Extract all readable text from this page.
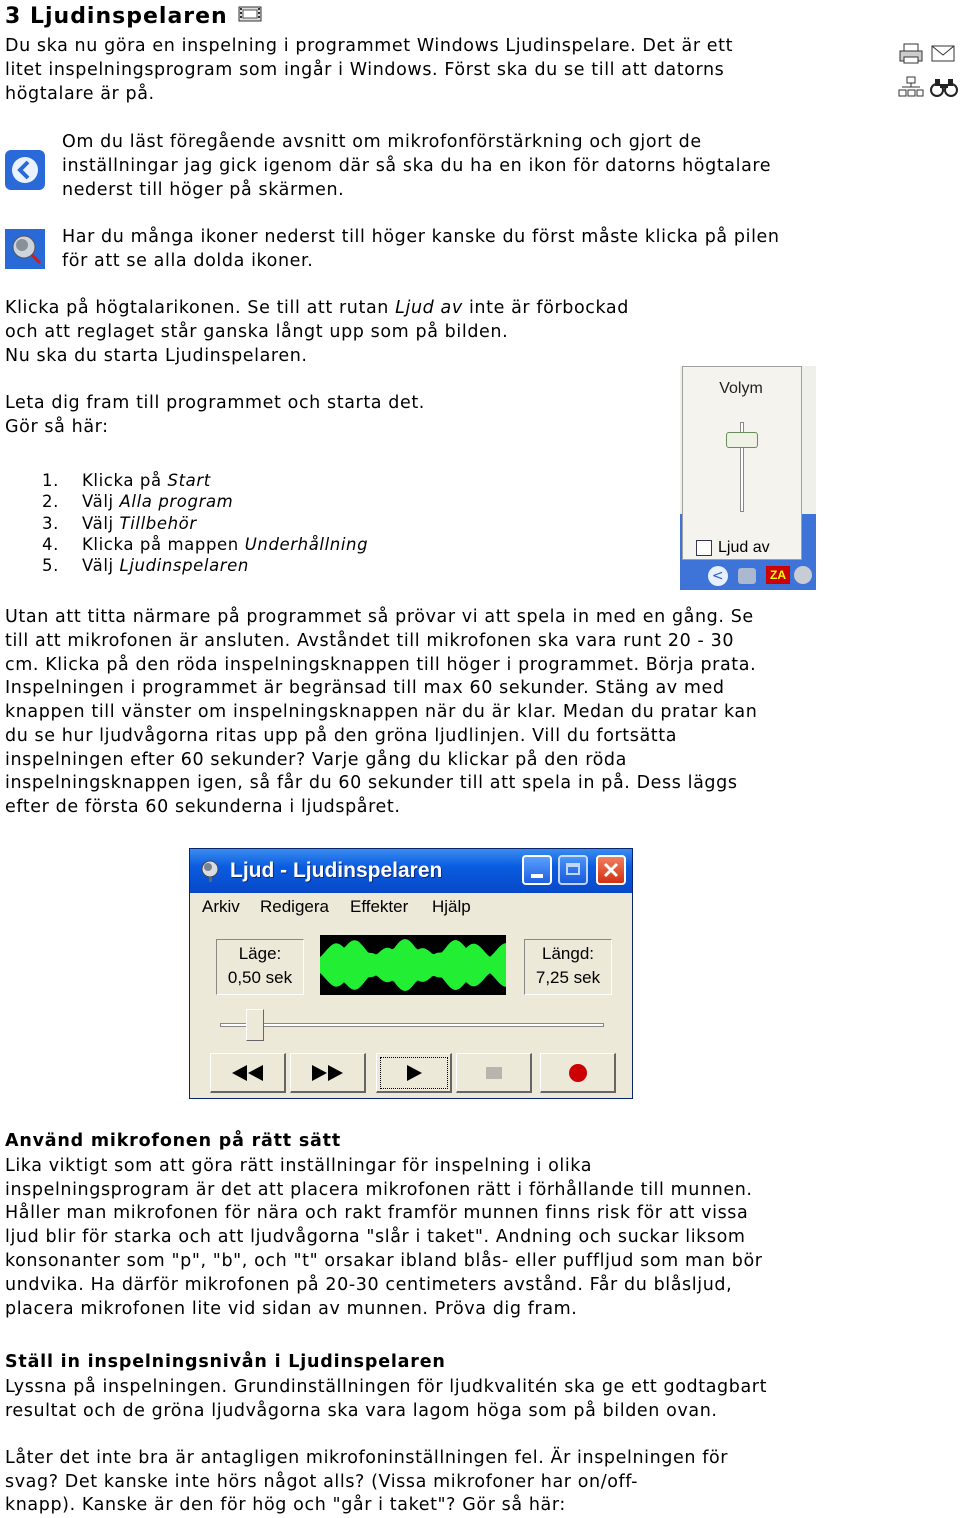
3 Ljudinspelaren
Du ska nu göra en inspelning i programmet Windows Ljudinspelare. Det är ett
litet inspelningsprogram som ingår i Windows. Först ska du se till att datorns
högtalare är på.
Om du läst föregående avsnitt om mikrofonförstärkning och gjort de
inställningar jag gick igenom där så ska du ha en ikon för datorns högtalare
nederst till höger på skärmen.
Har du många ikoner nederst till höger kanske du först måste klicka på pilen
för att se alla dolda ikoner.
Klicka på högtalarikonen. Se till att rutan Ljud av inte är förbockad
och att reglaget står ganska långt upp som på bilden.
Nu ska du starta Ljudinspelaren.
Leta dig fram till programmet och starta det.
Gör så här:
1. Klicka på Start
2. Välj Alla program
3. Välj Tillbehör
4. Klicka på mappen Underhållning
5. Välj Ljudinspelaren
Volym
Ljud av
<	ZA
Utan att titta närmare på programmet så prövar vi att spela in med en gång. Se
till att mikrofonen är ansluten. Avståndet till mikrofonen ska vara runt 20 - 30
cm. Klicka på den röda inspelningsknappen till höger i programmet. Börja prata.
Inspelningen i programmet är begränsad till max 60 sekunder. Stäng av med
knappen till vänster om inspelningsknappen när du är klar. Medan du pratar kan
du se hur ljudvågorna ritas upp på den gröna ljudlinjen. Vill du fortsätta
inspelningen efter 60 sekunder? Varje gång du klickar på den röda
inspelningsknappen igen, så får du 60 sekunder till att spela in på. Dess läggs
efter de första 60 sekunderna i ljudspåret.
Ljud - Ljudinspelaren
Arkiv Redigera Effekter Hjälp
Läge:
0,50 sek
Längd:
7,25 sek
Använd mikrofonen på rätt sätt
Lika viktigt som att göra rätt inställningar för inspelning i olika
inspelningsprogram är det att placera mikrofonen rätt i förhållande till munnen.
Håller man mikrofonen för nära och rakt framför munnen finns risk för att vissa
ljud blir för starka och att ljudvågorna "slår i taket". Andning och suckar liksom
konsonanter som "p", "b", och "t" orsakar ibland blås- eller puffljud som man bör
undvika. Ha därför mikrofonen på 20-30 centimeters avstånd. Får du blåsljud,
placera mikrofonen lite vid sidan av munnen. Pröva dig fram.
Ställ in inspelningsnivån i Ljudinspelaren
Lyssna på inspelningen. Grundinställningen för ljudkvalitén ska ge ett godtagbart
resultat och de gröna ljudvågorna ska vara lagom höga som på bilden ovan.
Låter det inte bra är antagligen mikrofoninställningen fel. Är inspelningen för
svag? Det kanske inte hörs något alls? (Vissa mikrofoner har on/off-
knapp). Kanske är den för hög och "går i taket"? Gör så här:
